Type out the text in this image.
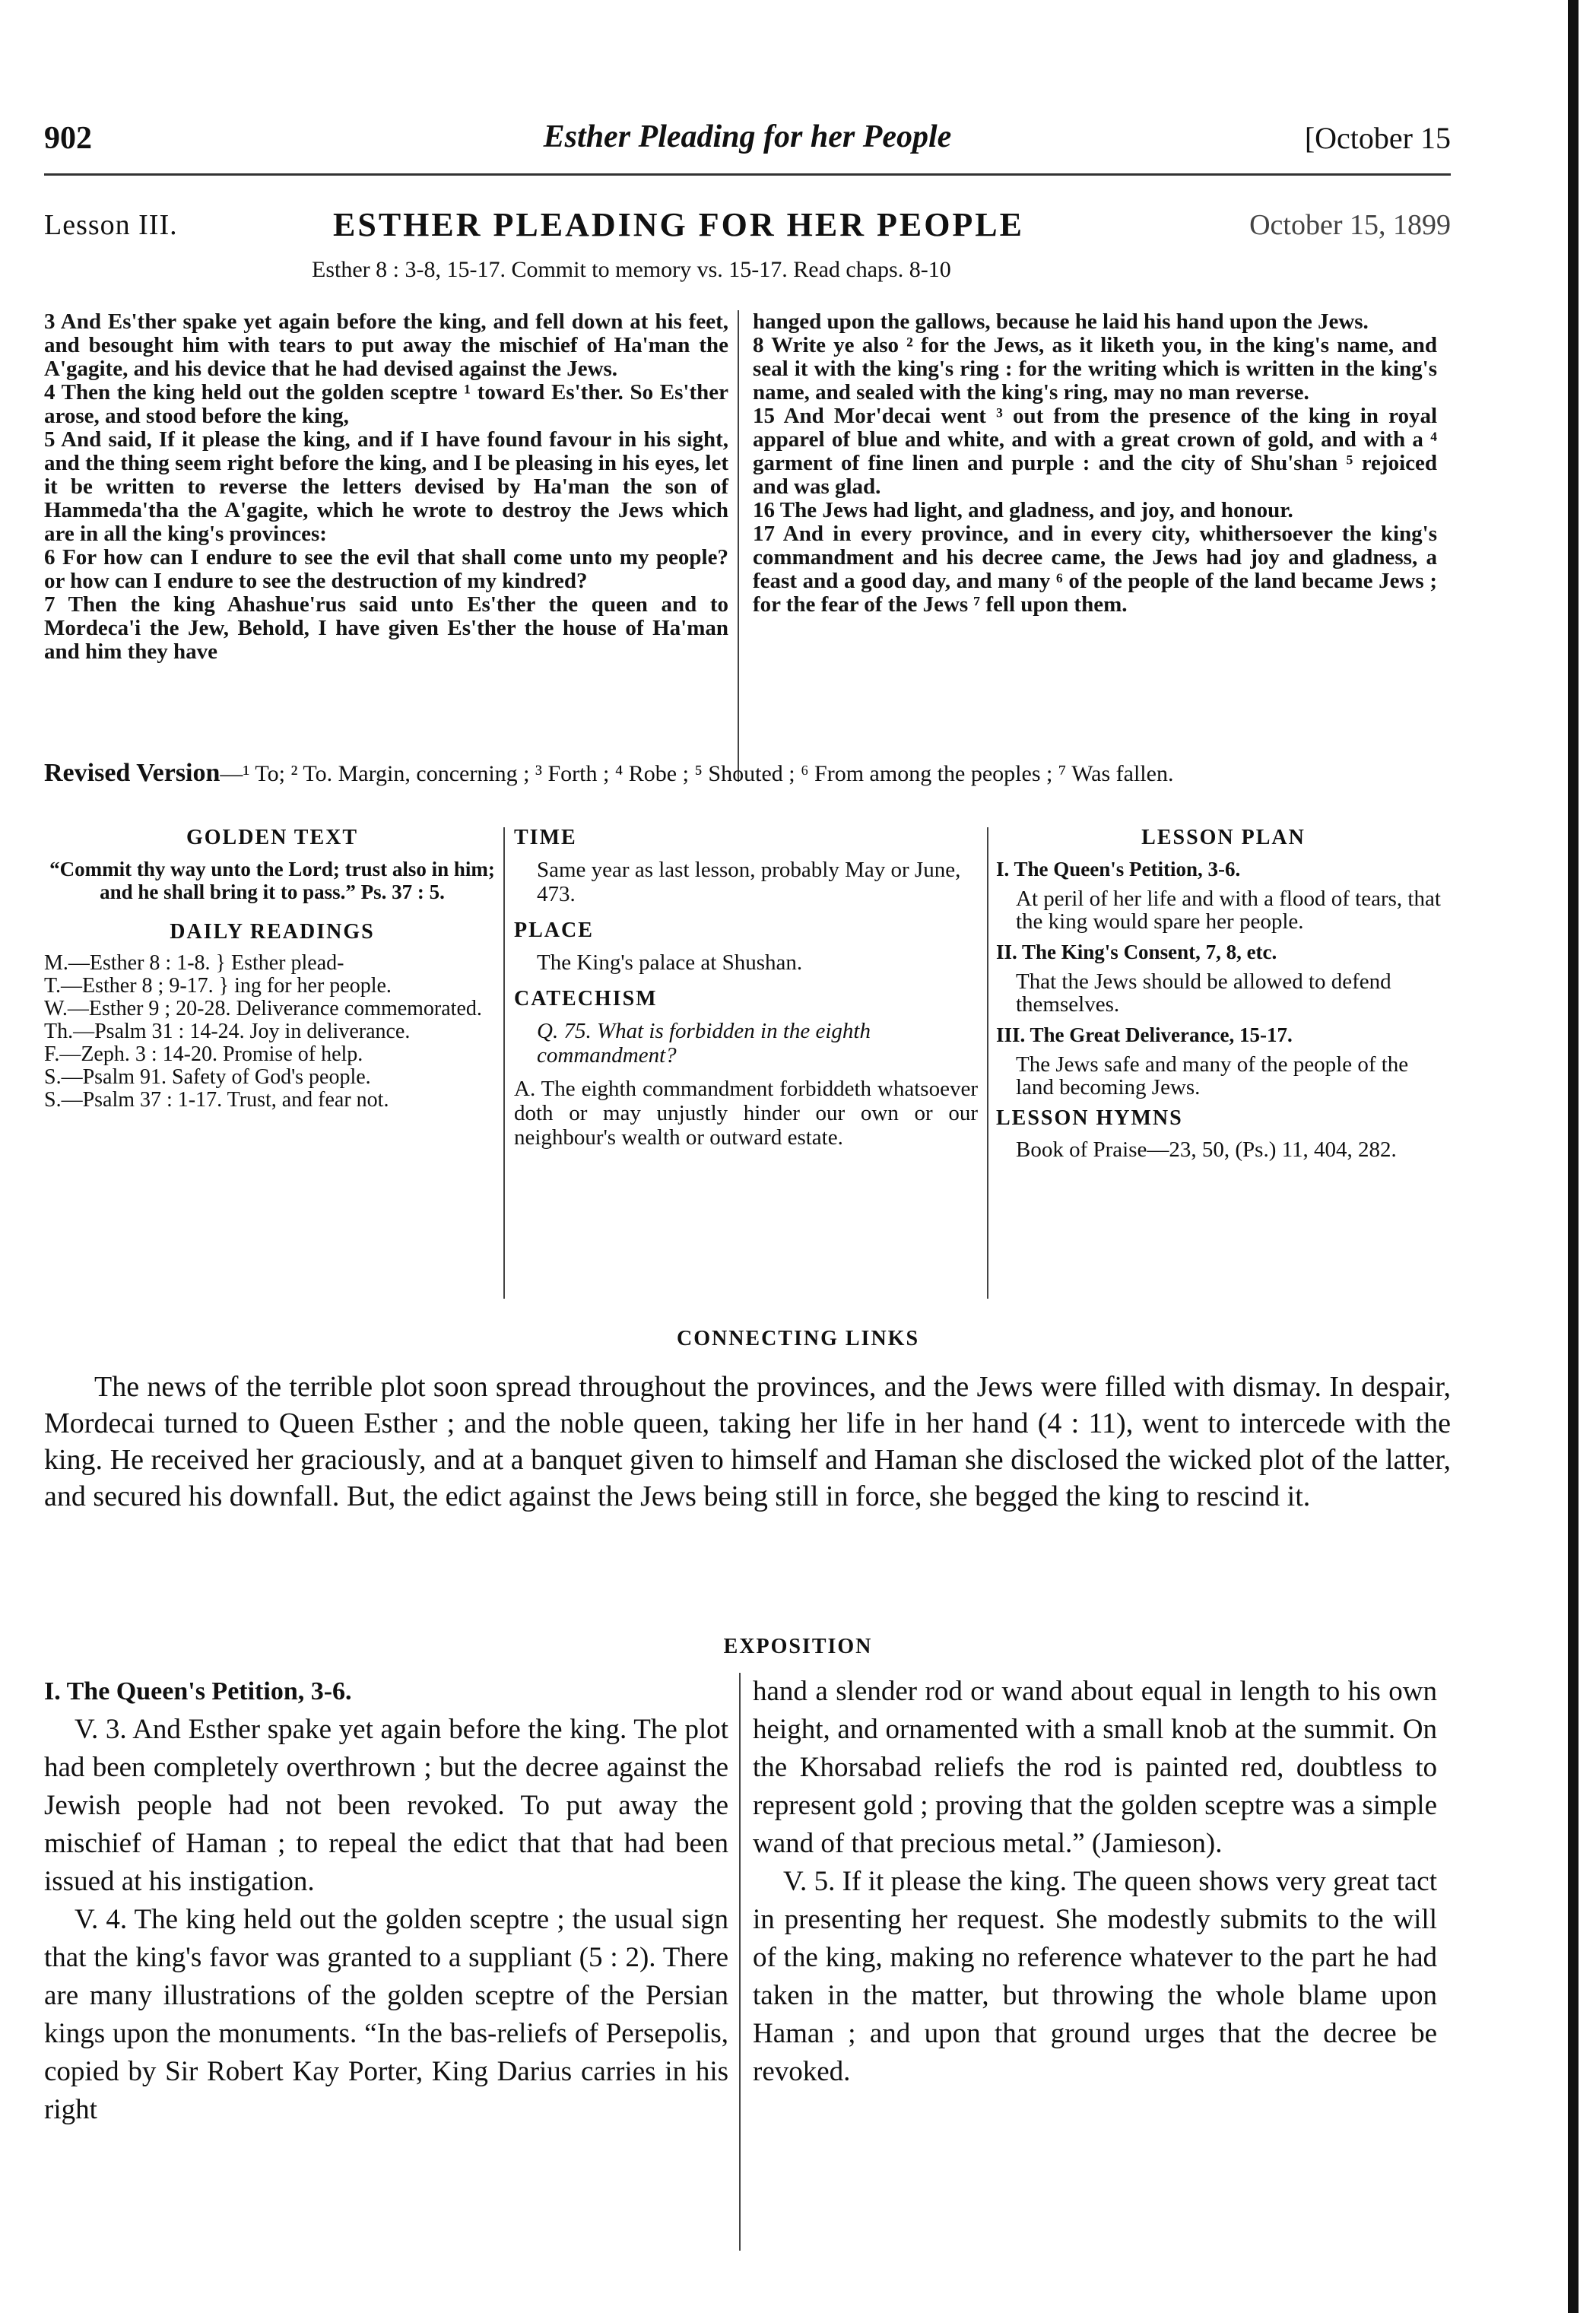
902	Esther Pleading for her People	[October 15
Lesson III.	ESTHER PLEADING FOR HER PEOPLE	October 15, 1899
Esther 8 : 3-8, 15-17. Commit to memory vs. 15-17. Read chaps. 8-10

3 And Es'ther spake yet again before the king, and fell down at his feet, and besought him with tears to put away the mischief of Ha'man the A'gagite, and his device that he had devised against the Jews.

4 Then the king held out the golden sceptre ¹ toward Es'ther. So Es'ther arose, and stood before the king,

5 And said, If it please the king, and if I have found favour in his sight, and the thing seem right before the king, and I be pleasing in his eyes, let it be written to reverse the letters devised by Ha'man the son of Hammeda'tha the A'gagite, which he wrote to destroy the Jews which are in all the king's provinces:

6 For how can I endure to see the evil that shall come unto my people? or how can I endure to see the destruction of my kindred?

7 Then the king Ahashue'rus said unto Es'ther the queen and to Mordeca'i the Jew, Behold, I have given Es'ther the house of Ha'man and him they have

hanged upon the gallows, because he laid his hand upon the Jews.

8 Write ye also ² for the Jews, as it liketh you, in the king's name, and seal it with the king's ring : for the writing which is written in the king's name, and sealed with the king's ring, may no man reverse.

15 And Mor'decai went ³ out from the presence of the king in royal apparel of blue and white, and with a great crown of gold, and with a ⁴ garment of fine linen and purple : and the city of Shu'shan ⁵ rejoiced and was glad.

16 The Jews had light, and gladness, and joy, and honour.

17 And in every province, and in every city, whithersoever the king's commandment and his decree came, the Jews had joy and gladness, a feast and a good day, and many ⁶ of the people of the land became Jews ; for the fear of the Jews ⁷ fell upon them.

Revised Version—¹ To; ² To. Margin, concerning ; ³ Forth ; ⁴ Robe ; ⁵ Shouted ; ⁶ From among the peoples ; ⁷ Was fallen.
GOLDEN TEXT
“Commit thy way unto the Lord; trust also in him; and he shall bring it to pass.” Ps. 37 : 5.
DAILY READINGS

M.—Esther 8 : 1-8. } Esther plead-

T.—Esther 8 ; 9-17. } ing for her people.

W.—Esther 9 ; 20-28. Deliverance commemorated.

Th.—Psalm 31 : 14-24. Joy in deliverance.

F.—Zeph. 3 : 14-20. Promise of help.

S.—Psalm 91. Safety of God's people.

S.—Psalm 37 : 1-17. Trust, and fear not.

TIME
Same year as last lesson, probably May or June, 473.
PLACE
The King's palace at Shushan.
CATECHISM
Q. 75. What is forbidden in the eighth commandment?
A. The eighth commandment forbiddeth whatsoever doth or may unjustly hinder our own or our neighbour's wealth or outward estate.
LESSON PLAN
I. The Queen's Petition, 3-6.
At peril of her life and with a flood of tears, that the king would spare her people.
II. The King's Consent, 7, 8, etc.
That the Jews should be allowed to defend themselves.
III. The Great Deliverance, 15-17.
The Jews safe and many of the people of the land becoming Jews.
LESSON HYMNS
Book of Praise—23, 50, (Ps.) 11, 404, 282.
CONNECTING LINKS
The news of the terrible plot soon spread throughout the provinces, and the Jews were filled with dismay. In despair, Mordecai turned to Queen Esther ; and the noble queen, taking her life in her hand (4 : 11), went to intercede with the king. He received her graciously, and at a banquet given to himself and Haman she disclosed the wicked plot of the latter, and secured his downfall. But, the edict against the Jews being still in force, she begged the king to rescind it.
EXPOSITION

I. The Queen's Petition, 3-6.

V. 3. And Esther spake yet again before the king. The plot had been completely overthrown ; but the decree against the Jewish people had not been revoked. To put away the mischief of Haman ; to repeal the edict that that had been issued at his instigation.

V. 4. The king held out the golden sceptre ; the usual sign that the king's favor was granted to a suppliant (5 : 2). There are many illustrations of the golden sceptre of the Persian kings upon the monuments. “In the bas-reliefs of Persepolis, copied by Sir Robert Kay Porter, King Darius carries in his right

hand a slender rod or wand about equal in length to his own height, and ornamented with a small knob at the summit. On the Khorsabad reliefs the rod is painted red, doubtless to represent gold ; proving that the golden sceptre was a simple wand of that precious metal.” (Jamieson).

V. 5. If it please the king. The queen shows very great tact in presenting her request. She modestly submits to the will of the king, making no reference whatever to the part he had taken in the matter, but throwing the whole blame upon Haman ; and upon that ground urges that the decree be revoked.
